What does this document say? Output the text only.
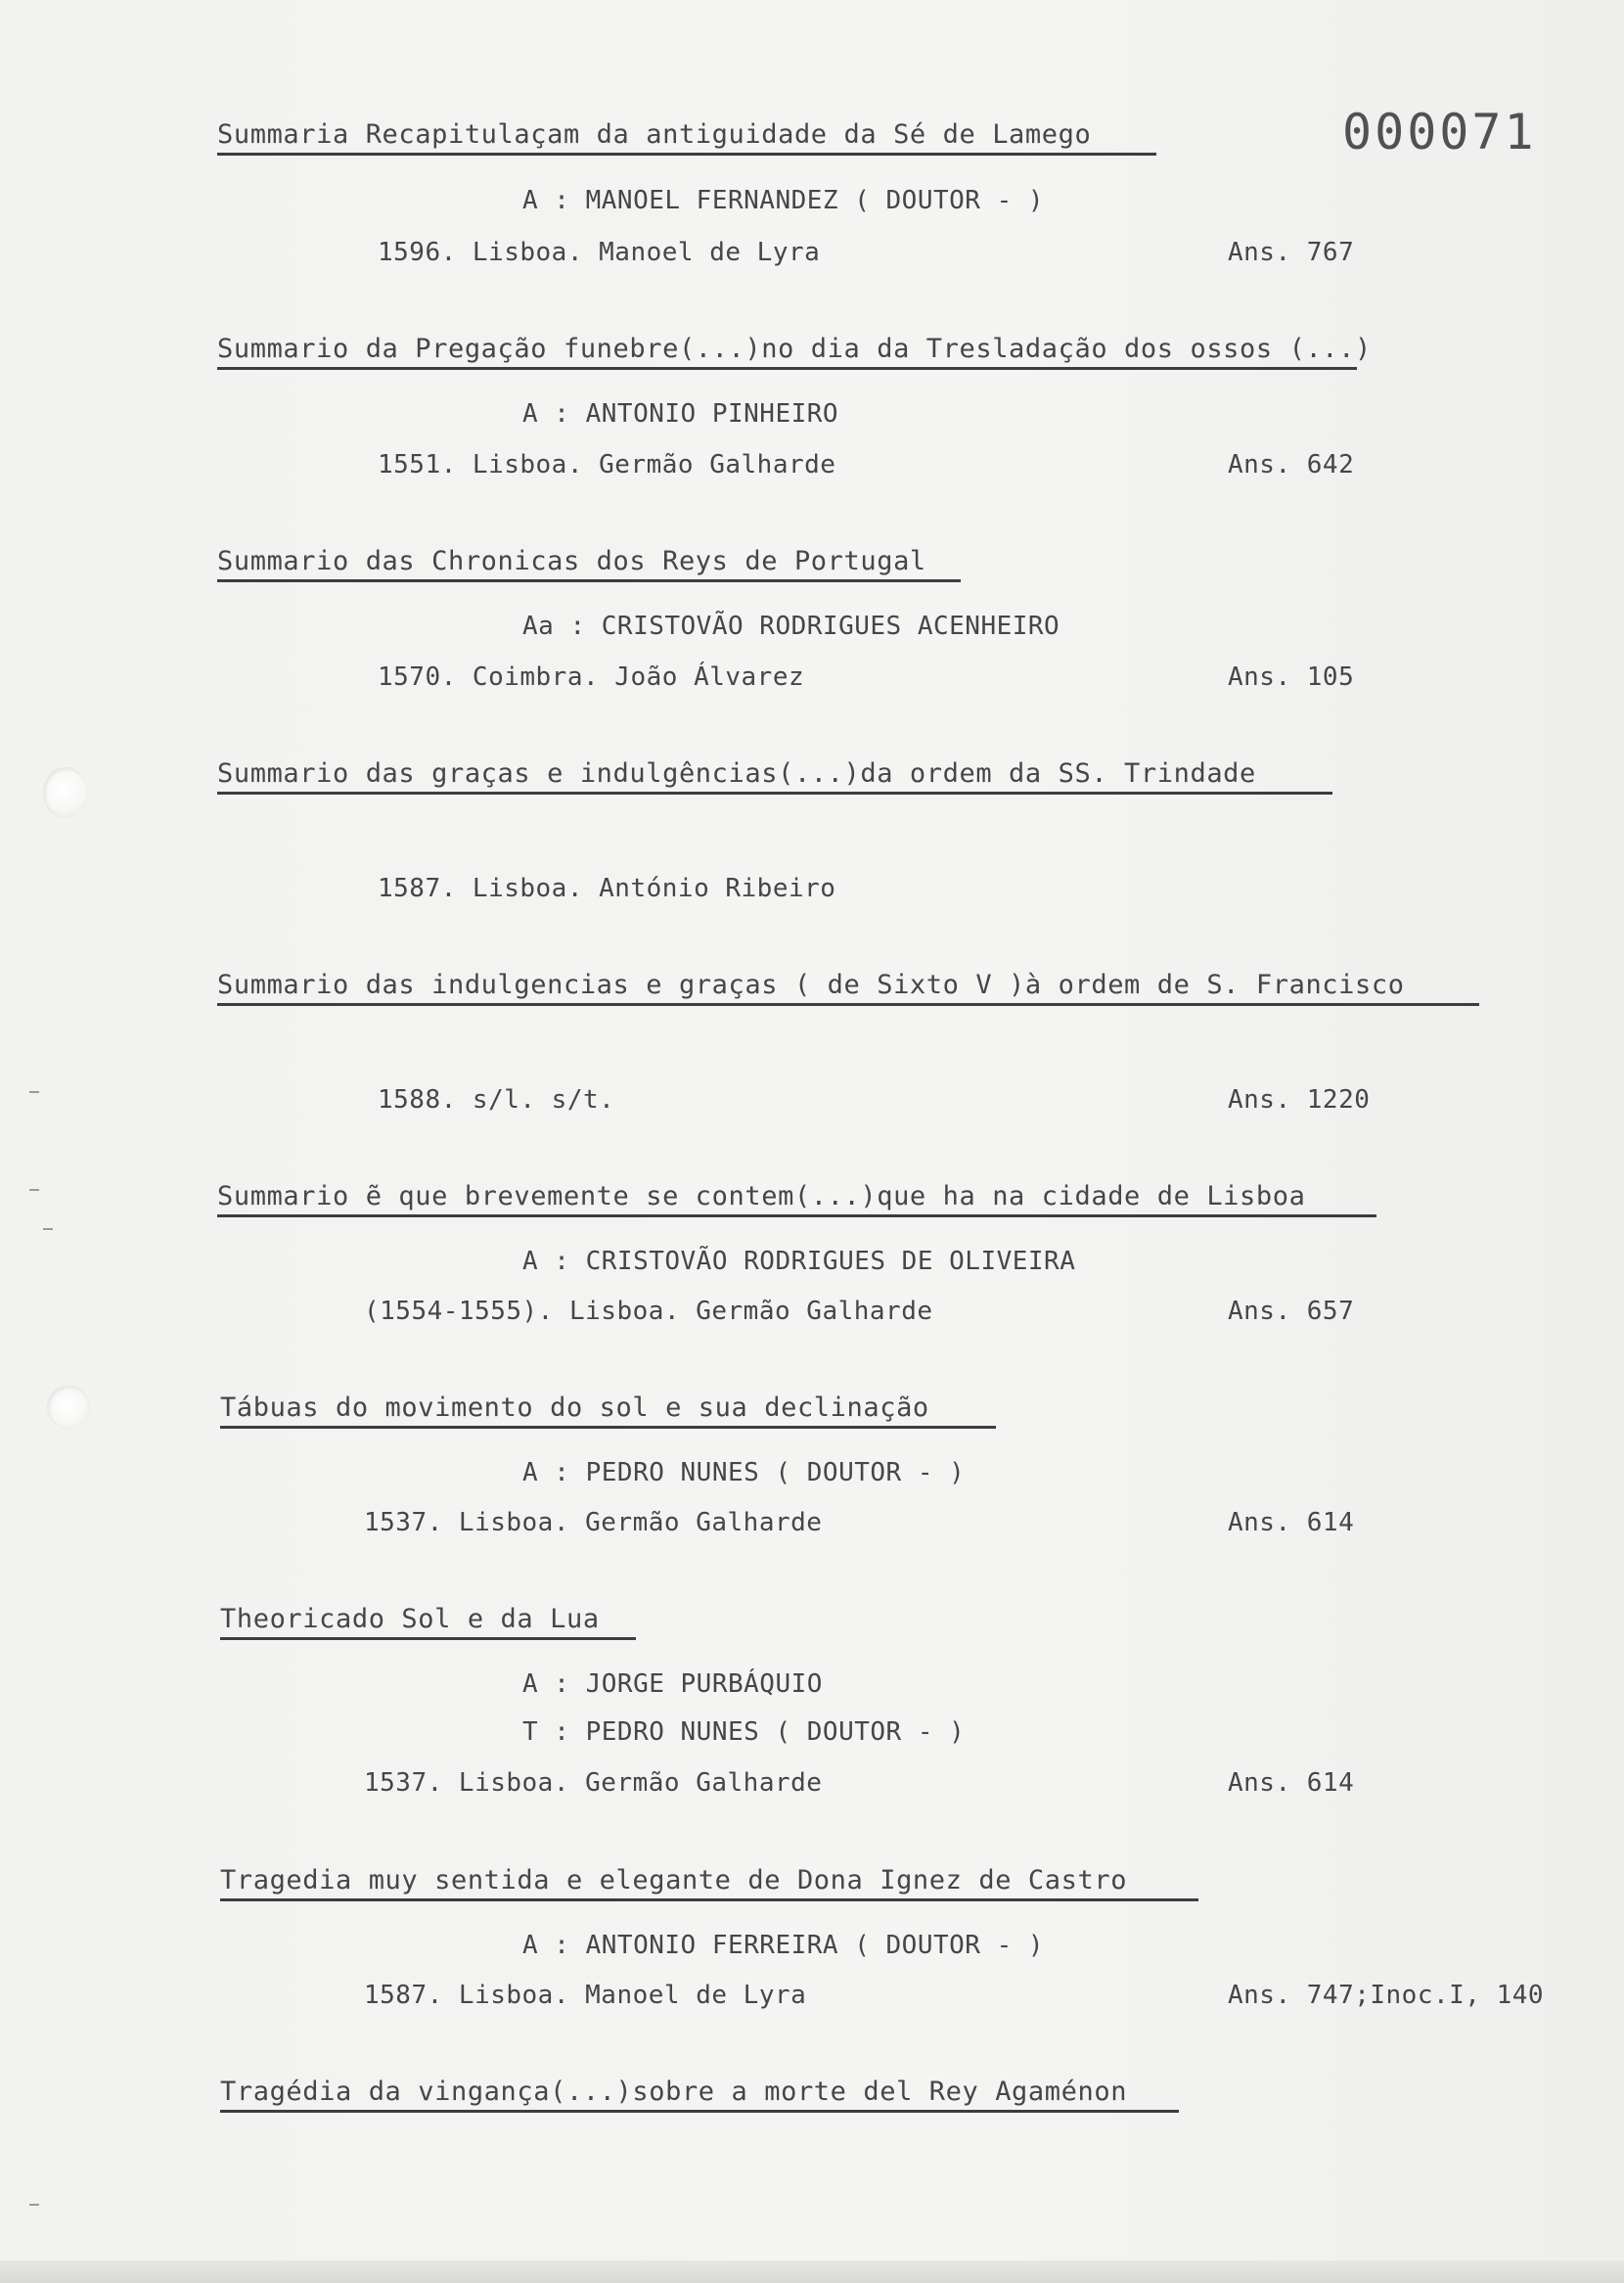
000071
Summaria Recapitulaçam da antiguidade da Sé de Lamego
A : MANOEL FERNANDEZ ( DOUTOR - )
1596. Lisboa. Manoel de Lyra	Ans. 767
Summario da Pregação funebre(...)no dia da Tresladação dos ossos (...)
A : ANTONIO PINHEIRO
1551. Lisboa. Germão Galharde	Ans. 642
Summario das Chronicas dos Reys de Portugal
Aa : CRISTOVÃO RODRIGUES ACENHEIRO
1570. Coimbra. João Álvarez	Ans. 105
Summario das graças e indulgências(...)da ordem da SS. Trindade
1587. Lisboa. António Ribeiro
Summario das indulgencias e graças ( de Sixto V )à ordem de S. Francisco
1588. s/l. s/t.	Ans. 1220
Summario ẽ que brevemente se contem(...)que ha na cidade de Lisboa
A : CRISTOVÃO RODRIGUES DE OLIVEIRA
(1554-1555). Lisboa. Germão Galharde	Ans. 657
Tábuas do movimento do sol e sua declinação
A : PEDRO NUNES ( DOUTOR - )
1537. Lisboa. Germão Galharde	Ans. 614
Theoricado Sol e da Lua
A : JORGE PURBÁQUIO
T : PEDRO NUNES ( DOUTOR - )
1537. Lisboa. Germão Galharde	Ans. 614
Tragedia muy sentida e elegante de Dona Ignez de Castro
A : ANTONIO FERREIRA ( DOUTOR - )
1587. Lisboa. Manoel de Lyra	Ans. 747;Inoc.I, 140
Tragédia da vingança(...)sobre a morte del Rey Agaménon
